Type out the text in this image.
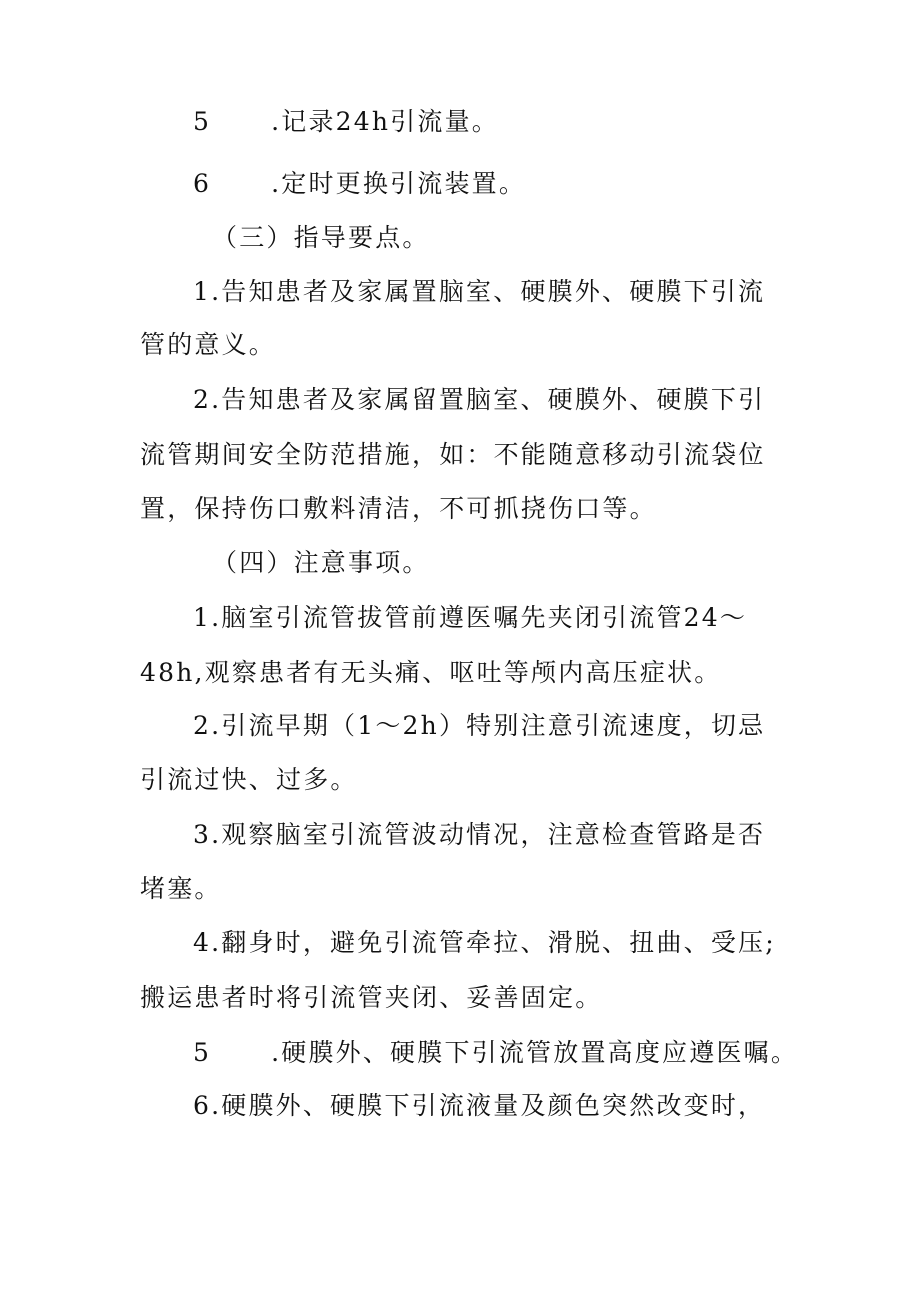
5 .记录24h引流量。
6 .定时更换引流装置。
（三）指导要点。
1.告知患者及家属置脑室、硬膜外、硬膜下引流
管的意义。
2.告知患者及家属留置脑室、硬膜外、硬膜下引
流管期间安全防范措施，如：不能随意移动引流袋位
置，保持伤口敷料清洁，不可抓挠伤口等。
（四）注意事项。
1.脑室引流管拔管前遵医嘱先夹闭引流管24～
48h,观察患者有无头痛、呕吐等颅内高压症状。
2.引流早期（1～2h）特别注意引流速度，切忌
引流过快、过多。
3.观察脑室引流管波动情况，注意检查管路是否
堵塞。
4.翻身时，避免引流管牵拉、滑脱、扭曲、受压;
搬运患者时将引流管夹闭、妥善固定。
5 .硬膜外、硬膜下引流管放置高度应遵医嘱。
6.硬膜外、硬膜下引流液量及颜色突然改变时，
